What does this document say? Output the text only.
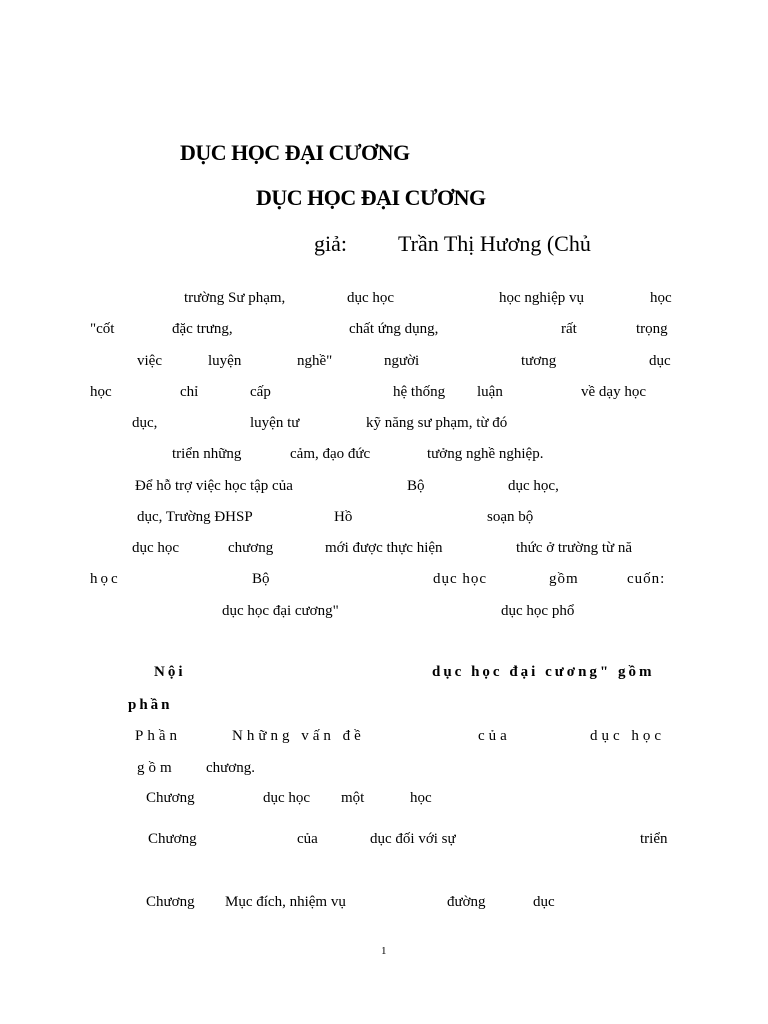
DỤC HỌC ĐẠI CƯƠNG
DỤC HỌC ĐẠI CƯƠNG
giả: Trần Thị Hương (Chủ
trường Sư phạm,	dục học	học nghiệp vụ	học
"cốt	đặc trưng,	chất ứng dụng,	rất	trọng
việc	luyện	nghề"	người	tương	dục
học	chỉ	cấp	hệ thống luận	về dạy học
dục,	luyện tư	kỹ năng sư phạm, từ đó
triển những	cảm, đạo đức	tưởng nghề nghiệp.
Để hỗ trợ việc học tập của	Bộ	dục học,
dục, Trường ĐHSP	Hồ	soạn bộ
dục học	chương	mới được thực hiện	thức ở trường từ nă
học	Bộ	dục học	gồm	cuốn:
dục học đại cương"	dục học phổ
Nội	dục học đại cương" gồm
phần
Phần	Những vấn đề	của	dục học
gồm chương.
Chương	dục học một	học
Chương	của	dục đối với sự	triển
Chương Mục đích, nhiệm vụ	đường	dục
1
